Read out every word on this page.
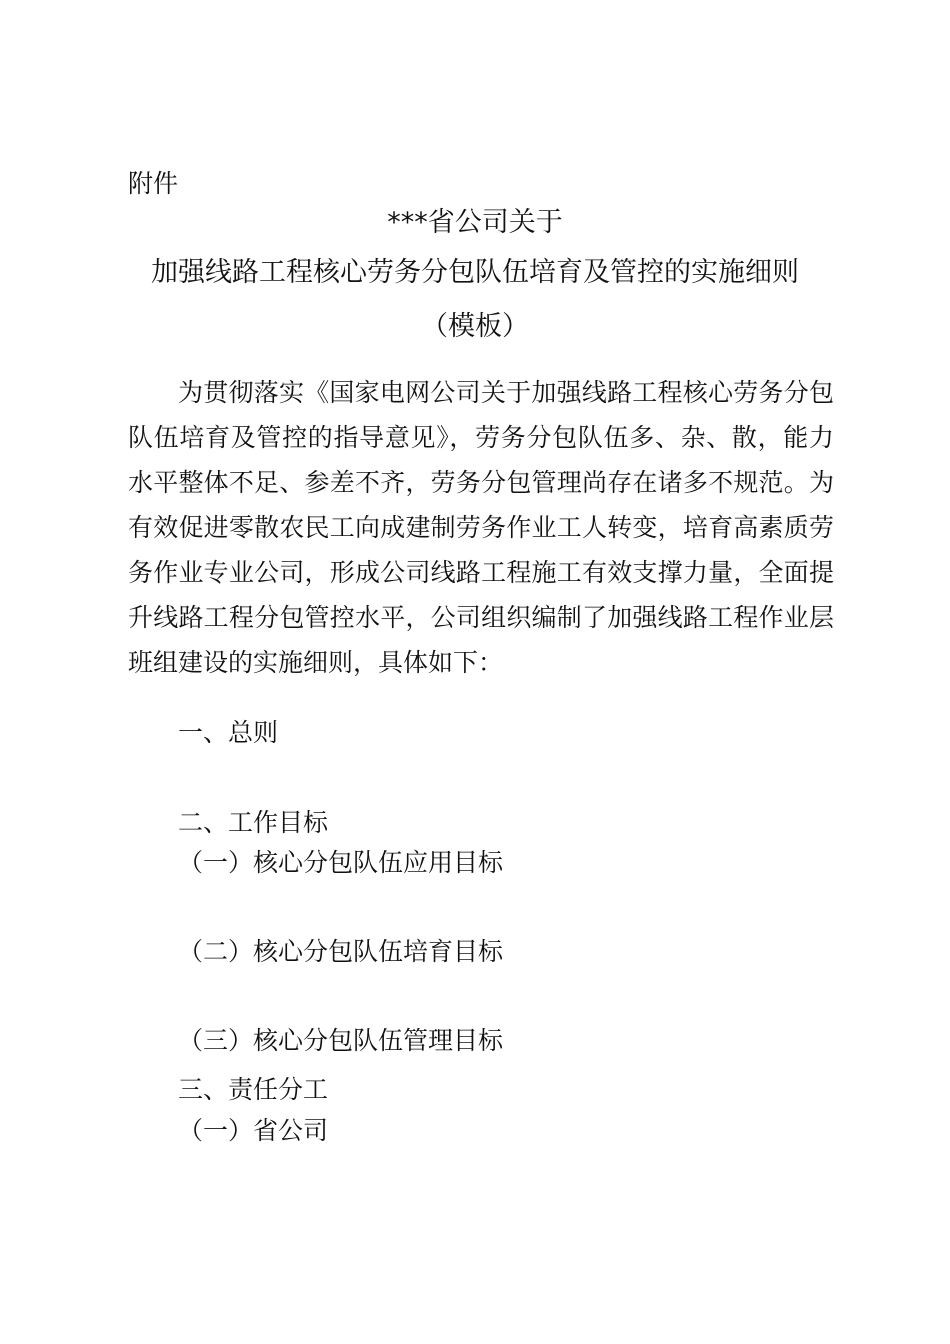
附件

***省公司关于
加强线路工程核心劳务分包队伍培育及管控的实施细则
（模板）

为贯彻落实《国家电网公司关于加强线路工程核心劳务分包

队伍培育及管控的指导意见》，劳务分包队伍多、杂、散，能力

水平整体不足、参差不齐，劳务分包管理尚存在诸多不规范。为

有效促进零散农民工向成建制劳务作业工人转变，培育高素质劳

务作业专业公司，形成公司线路工程施工有效支撑力量，全面提

升线路工程分包管控水平，公司组织编制了加强线路工程作业层

班组建设的实施细则，具体如下：

一、总则

二、工作目标

（一）核心分包队伍应用目标

（二）核心分包队伍培育目标

（三）核心分包队伍管理目标

三、责任分工

（一）省公司
